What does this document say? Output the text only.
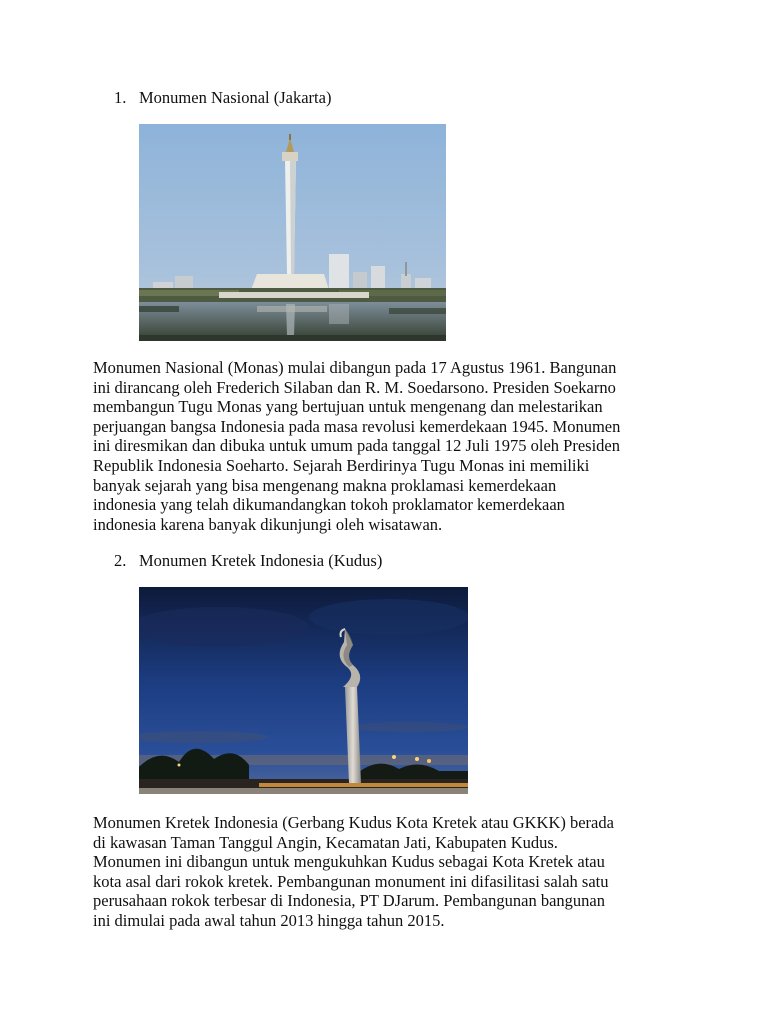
1. Monumen Nasional (Jakarta)
Monumen Nasional (Monas) mulai dibangun pada 17 Agustus 1961. Bangunan
ini dirancang oleh Frederich Silaban dan R. M. Soedarsono. Presiden Soekarno
membangun Tugu Monas yang bertujuan untuk mengenang dan melestarikan
perjuangan bangsa Indonesia pada masa revolusi kemerdekaan 1945. Monumen
ini diresmikan dan dibuka untuk umum pada tanggal 12 Juli 1975 oleh Presiden
Republik Indonesia Soeharto. Sejarah Berdirinya Tugu Monas ini memiliki
banyak sejarah yang bisa mengenang makna proklamasi kemerdekaan
indonesia yang telah dikumandangkan tokoh proklamator kemerdekaan
indonesia karena banyak dikunjungi oleh wisatawan.
2. Monumen Kretek Indonesia (Kudus)
Monumen Kretek Indonesia (Gerbang Kudus Kota Kretek atau GKKK) berada
di kawasan Taman Tanggul Angin, Kecamatan Jati, Kabupaten Kudus.
Monumen ini dibangun untuk mengukuhkan Kudus sebagai Kota Kretek atau
kota asal dari rokok kretek. Pembangunan monument ini difasilitasi salah satu
perusahaan rokok terbesar di Indonesia, PT DJarum. Pembangunan bangunan
ini dimulai pada awal tahun 2013 hingga tahun 2015.
